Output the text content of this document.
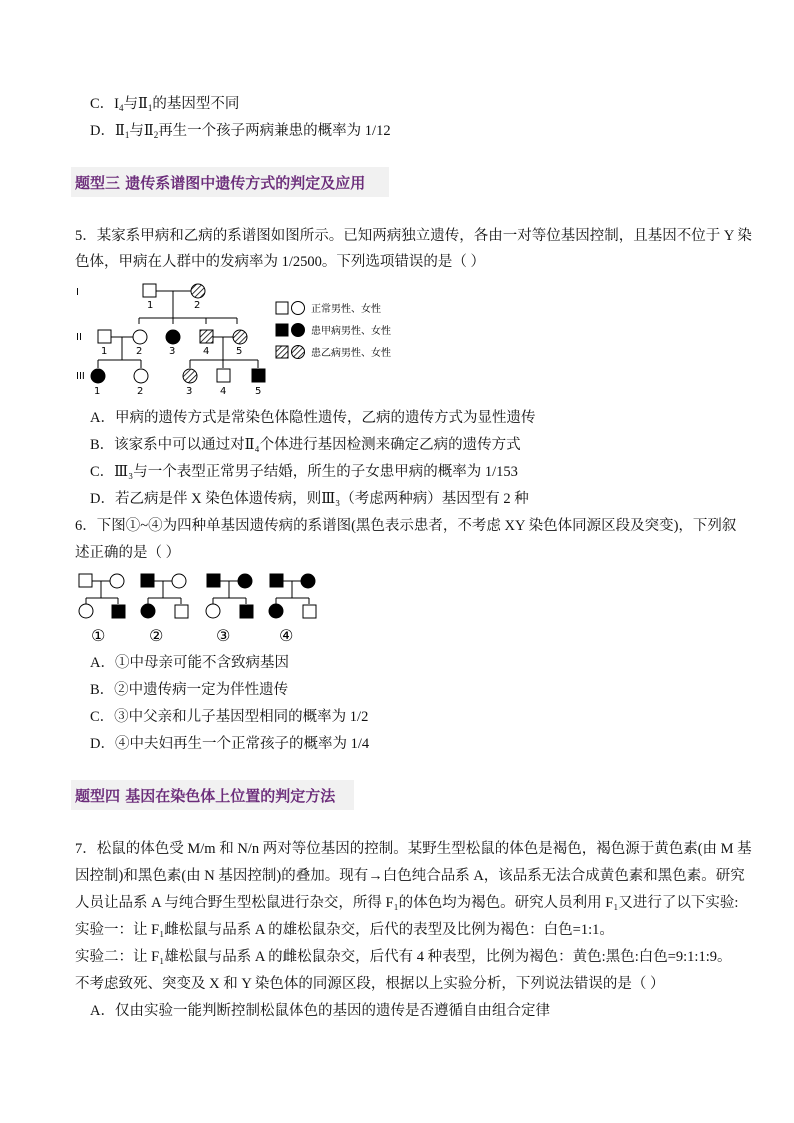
C．$I_4$与$Ⅱ_1$的基因型不同
D．$Ⅱ_1$与$Ⅱ_2$再生一个孩子两病兼患的概率为 1/12
题型三 遗传系谱图中遗传方式的判定及应用
5．某家系甲病和乙病的系谱图如图所示。已知两病独立遗传，各由一对等位基因控制，且基因不位于 Y 染
色体，甲病在人群中的发病率为 1/2500。下列选项错误的是（ ）
I
II
III
1	2
1	2	3	4	5
1	2	3	4	5
正常男性、女性
患甲病男性、女性
患乙病男性、女性
A．甲病的遗传方式是常染色体隐性遗传，乙病的遗传方式为显性遗传
B．该家系中可以通过对Ⅱ₄个体进行基因检测来确定乙病的遗传方式
C．Ⅲ₃与一个表型正常男子结婚，所生的子女患甲病的概率为 1/153
D．若乙病是伴 X 染色体遗传病，则Ⅲ₃（考虑两种病）基因型有 2 种
6．下图①~④为四种单基因遗传病的系谱图(黑色表示患者，不考虑 XY 染色体同源区段及突变)，下列叙
述正确的是（ ）
①	②	③	④
A．①中母亲可能不含致病基因
B．②中遗传病一定为伴性遗传
C．③中父亲和儿子基因型相同的概率为 1/2
D．④中夫妇再生一个正常孩子的概率为 1/4
题型四 基因在染色体上位置的判定方法
7．松鼠的体色受 M/m 和 N/n 两对等位基因的控制。某野生型松鼠的体色是褐色，褐色源于黄色素(由 M 基
因控制)和黑色素(由 N 基因控制)的叠加。现有→白色纯合品系 A，该品系无法合成黄色素和黑色素。研究
人员让品系 A 与纯合野生型松鼠进行杂交，所得 F₁的体色均为褐色。研究人员利用 F₁又进行了以下实验:
实验一：让 F₁雌松鼠与品系 A 的雄松鼠杂交，后代的表型及比例为褐色：白色=1:1。
实验二：让 F₁雄松鼠与品系 A 的雌松鼠杂交，后代有 4 种表型，比例为褐色：黄色:黑色:白色=9:1:1:9。
不考虑致死、突变及 X 和 Y 染色体的同源区段，根据以上实验分析，下列说法错误的是（ ）
A．仅由实验一能判断控制松鼠体色的基因的遗传是否遵循自由组合定律
